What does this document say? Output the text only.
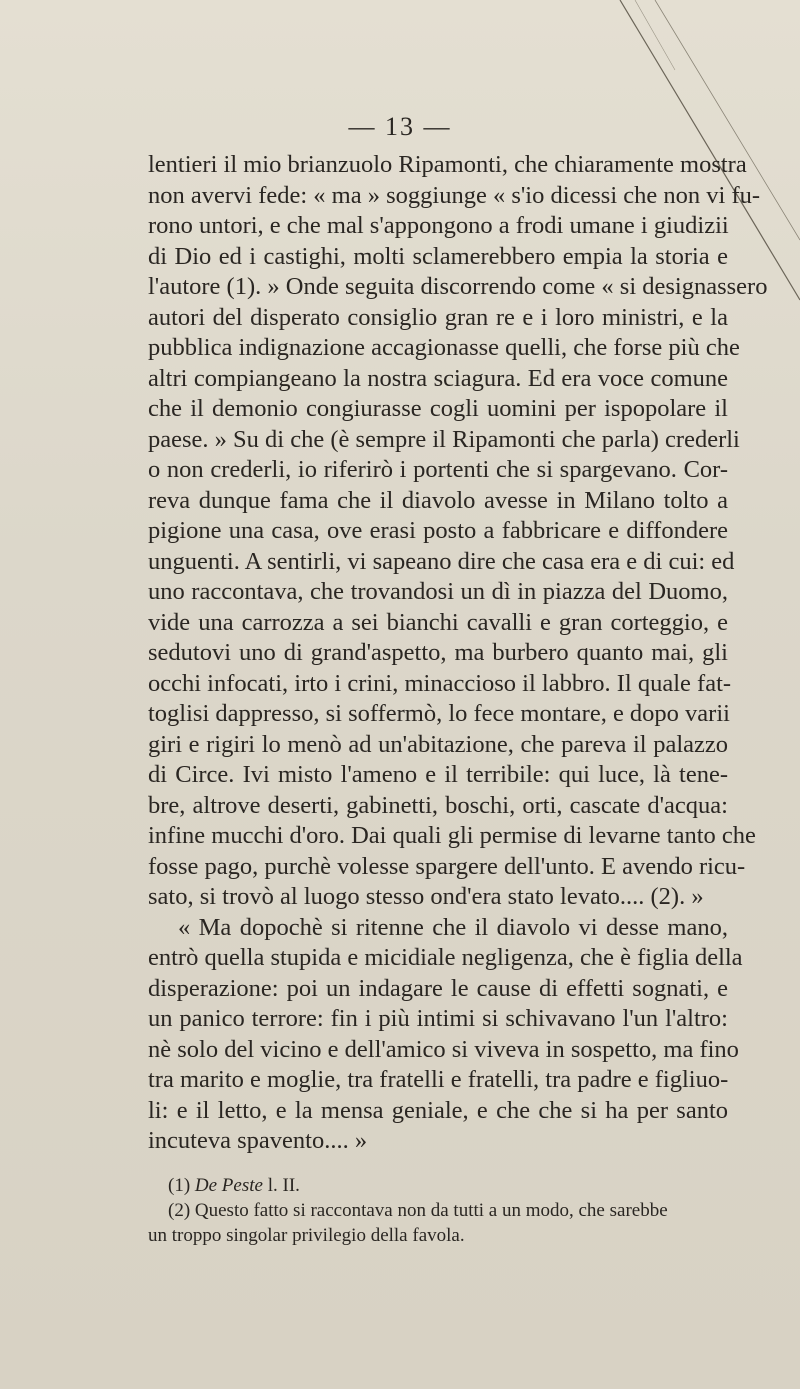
— 13 —
lentieri il mio brianzuolo Ripamonti, che chiaramente mostra
non avervi fede: « ma » soggiunge « s'io dicessi che non vi fu-
rono untori, e che mal s'appongono a frodi umane i giudizii
di Dio ed i castighi, molti sclamerebbero empia la storia e
l'autore (1). » Onde seguita discorrendo come « si designassero
autori del disperato consiglio gran re e i loro ministri, e la
pubblica indignazione accagionasse quelli, che forse più che
altri compiangeano la nostra sciagura. Ed era voce comune
che il demonio congiurasse cogli uomini per ispopolare il
paese. » Su di che (è sempre il Ripamonti che parla) crederli
o non crederli, io riferirò i portenti che si spargevano. Cor-
reva dunque fama che il diavolo avesse in Milano tolto a
pigione una casa, ove erasi posto a fabbricare e diffondere
unguenti. A sentirli, vi sapeano dire che casa era e di cui: ed
uno raccontava, che trovandosi un dì in piazza del Duomo,
vide una carrozza a sei bianchi cavalli e gran corteggio, e
sedutovi uno di grand'aspetto, ma burbero quanto mai, gli
occhi infocati, irto i crini, minaccioso il labbro. Il quale fat-
toglisi dappresso, si soffermò, lo fece montare, e dopo varii
giri e rigiri lo menò ad un'abitazione, che pareva il palazzo
di Circe. Ivi misto l'ameno e il terribile: qui luce, là tene-
bre, altrove deserti, gabinetti, boschi, orti, cascate d'acqua:
infine mucchi d'oro. Dai quali gli permise di levarne tanto che
fosse pago, purchè volesse spargere dell'unto. E avendo ricu-
sato, si trovò al luogo stesso ond'era stato levato.... (2). »
« Ma dopochè si ritenne che il diavolo vi desse mano,
entrò quella stupida e micidiale negligenza, che è figlia della
disperazione: poi un indagare le cause di effetti sognati, e
un panico terrore: fin i più intimi si schivavano l'un l'altro:
nè solo del vicino e dell'amico si viveva in sospetto, ma fino
tra marito e moglie, tra fratelli e fratelli, tra padre e figliuo-
li: e il letto, e la mensa geniale, e che che si ha per santo
incuteva spavento.... »
(1) De Peste l. II.
(2) Questo fatto si raccontava non da tutti a un modo, che sarebbe
un troppo singolar privilegio della favola.
